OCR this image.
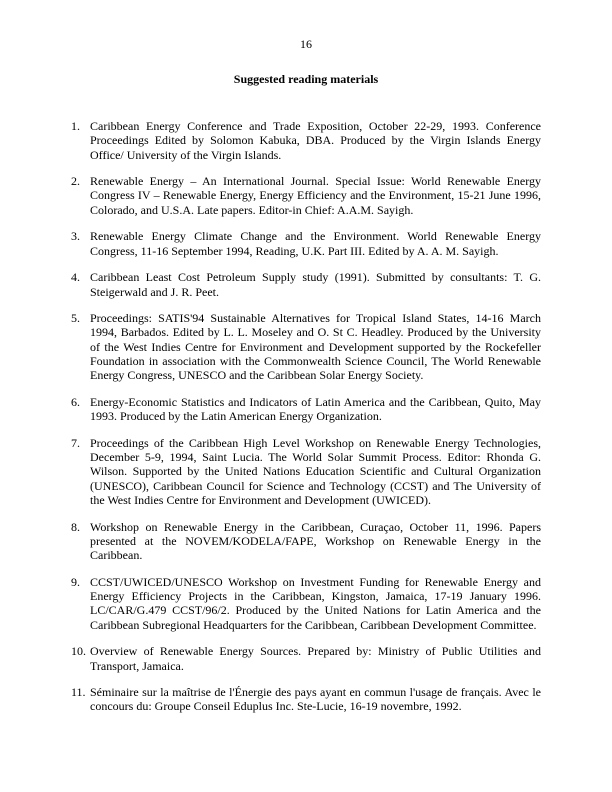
16
Suggested reading materials
1. Caribbean Energy Conference and Trade Exposition, October 22-29, 1993. Conference Proceedings Edited by Solomon Kabuka, DBA. Produced by the Virgin Islands Energy Office/ University of the Virgin Islands.
2. Renewable Energy – An International Journal. Special Issue: World Renewable Energy Congress IV – Renewable Energy, Energy Efficiency and the Environment, 15-21 June 1996, Colorado, and U.S.A. Late papers. Editor-in Chief: A.A.M. Sayigh.
3. Renewable Energy Climate Change and the Environment. World Renewable Energy Congress, 11-16 September 1994, Reading, U.K. Part III. Edited by A. A. M. Sayigh.
4. Caribbean Least Cost Petroleum Supply study (1991). Submitted by consultants: T. G. Steigerwald and J. R. Peet.
5. Proceedings: SATIS'94 Sustainable Alternatives for Tropical Island States, 14-16 March 1994, Barbados. Edited by L. L. Moseley and O. St C. Headley. Produced by the University of the West Indies Centre for Environment and Development supported by the Rockefeller Foundation in association with the Commonwealth Science Council, The World Renewable Energy Congress, UNESCO and the Caribbean Solar Energy Society.
6. Energy-Economic Statistics and Indicators of Latin America and the Caribbean, Quito, May 1993. Produced by the Latin American Energy Organization.
7. Proceedings of the Caribbean High Level Workshop on Renewable Energy Technologies, December 5-9, 1994, Saint Lucia. The World Solar Summit Process. Editor: Rhonda G. Wilson. Supported by the United Nations Education Scientific and Cultural Organization (UNESCO), Caribbean Council for Science and Technology (CCST) and The University of the West Indies Centre for Environment and Development (UWICED).
8. Workshop on Renewable Energy in the Caribbean, Curaçao, October 11, 1996. Papers presented at the NOVEM/KODELA/FAPE, Workshop on Renewable Energy in the Caribbean.
9. CCST/UWICED/UNESCO Workshop on Investment Funding for Renewable Energy and Energy Efficiency Projects in the Caribbean, Kingston, Jamaica, 17-19 January 1996. LC/CAR/G.479 CCST/96/2. Produced by the United Nations for Latin America and the Caribbean Subregional Headquarters for the Caribbean, Caribbean Development Committee.
10. Overview of Renewable Energy Sources. Prepared by: Ministry of Public Utilities and Transport, Jamaica.
11. Séminaire sur la maîtrise de l'Énergie des pays ayant en commun l'usage de français. Avec le concours du: Groupe Conseil Eduplus Inc. Ste-Lucie, 16-19 novembre, 1992.
